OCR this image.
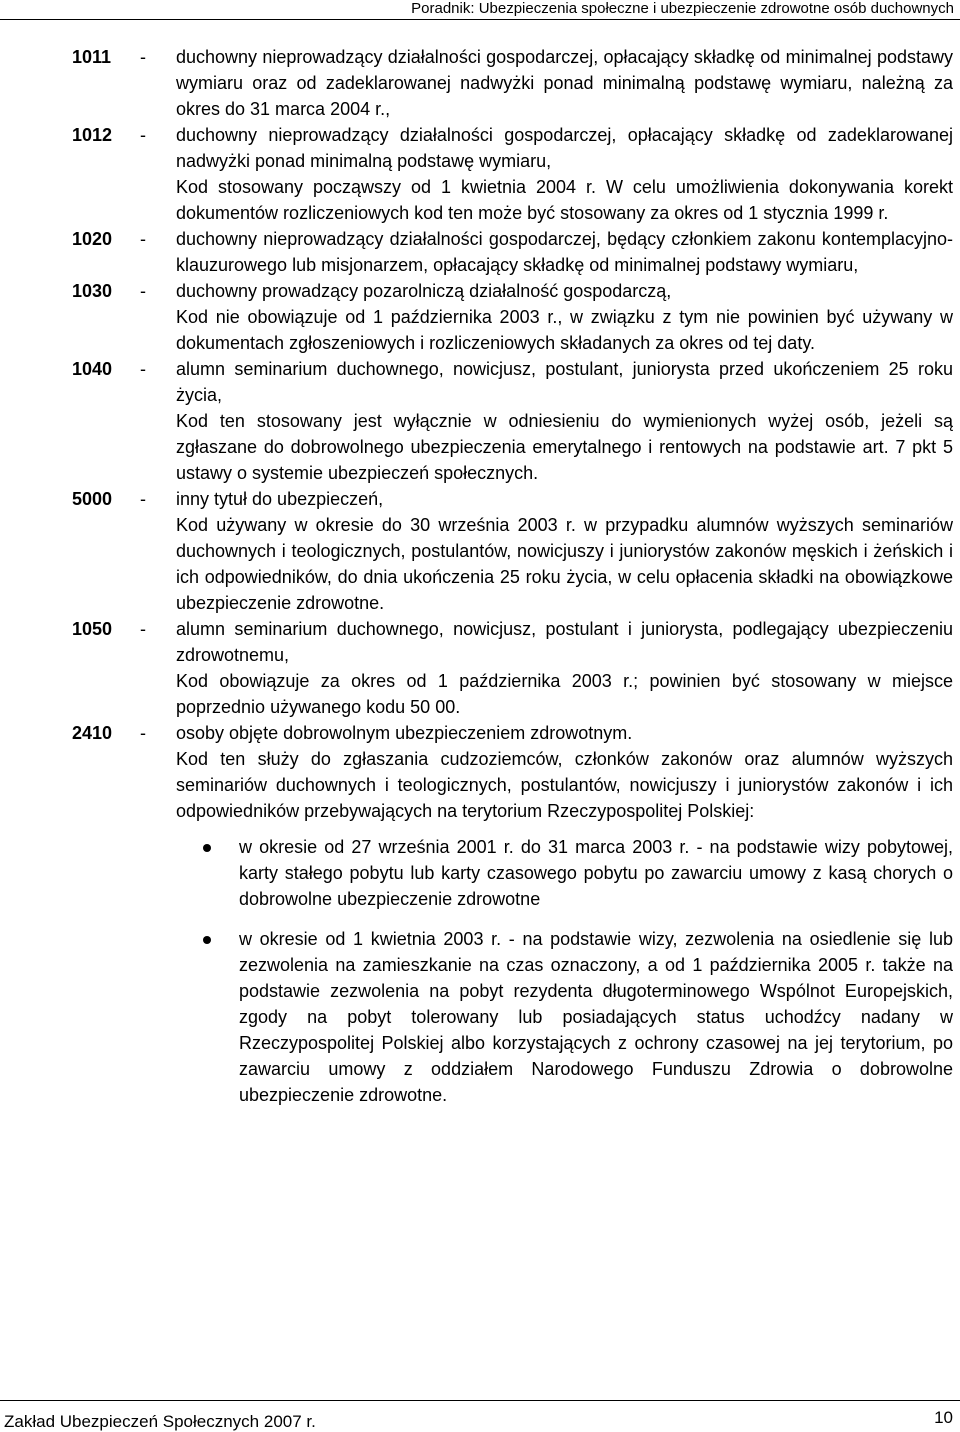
Poradnik: Ubezpieczenia społeczne i ubezpieczenie zdrowotne osób duchownych
1011 - duchowny nieprowadzący działalności gospodarczej, opłacający składkę od minimalnej podstawy wymiaru oraz od zadeklarowanej nadwyżki ponad minimalną podstawę wymiaru, należną za okres do 31 marca 2004 r.,

1012 - duchowny nieprowadzący działalności gospodarczej, opłacający składkę od zadeklarowanej nadwyżki ponad minimalną podstawę wymiaru,

Kod stosowany począwszy od 1 kwietnia 2004 r. W celu umożliwienia dokonywania korekt dokumentów rozliczeniowych kod ten może być stosowany za okres od 1 stycznia 1999 r.

1020 - duchowny nieprowadzący działalności gospodarczej, będący członkiem zakonu kontemplacyjno-klauzurowego lub misjonarzem, opłacający składkę od minimalnej podstawy wymiaru,

1030 - duchowny prowadzący pozarolniczą działalność gospodarczą,

Kod nie obowiązuje od 1 października 2003 r., w związku z tym nie powinien być używany w dokumentach zgłoszeniowych i rozliczeniowych składanych za okres od tej daty.

1040 - alumn seminarium duchownego, nowicjusz, postulant, juniorysta przed ukończeniem 25 roku życia,

Kod ten stosowany jest wyłącznie w odniesieniu do wymienionych wyżej osób, jeżeli są zgłaszane do dobrowolnego ubezpieczenia emerytalnego i rentowych na podstawie art. 7 pkt 5 ustawy o systemie ubezpieczeń społecznych.

5000 - inny tytuł do ubezpieczeń,

Kod używany w okresie do 30 września 2003 r. w przypadku alumnów wyższych seminariów duchownych i teologicznych, postulantów, nowicjuszy i juniorystów zakonów męskich i żeńskich i ich odpowiedników, do dnia ukończenia 25 roku życia, w celu opłacenia składki na obowiązkowe ubezpieczenie zdrowotne.

1050 - alumn seminarium duchownego, nowicjusz, postulant i juniorysta, podlegający ubezpieczeniu zdrowotnemu,

Kod obowiązuje za okres od 1 października 2003 r.; powinien być stosowany w miejsce poprzednio używanego kodu 50 00.

2410 - osoby objęte dobrowolnym ubezpieczeniem zdrowotnym.

Kod ten służy do zgłaszania cudzoziemców, członków zakonów oraz alumnów wyższych seminariów duchownych i teologicznych, postulantów, nowicjuszy i juniorystów zakonów i ich odpowiedników przebywających na terytorium Rzeczypospolitej Polskiej:

w okresie od 27 września 2001 r. do 31 marca 2003 r. - na podstawie wizy pobytowej, karty stałego pobytu lub karty czasowego pobytu po zawarciu umowy z kasą chorych o dobrowolne ubezpieczenie zdrowotne

w okresie od 1 kwietnia 2003 r. - na podstawie wizy, zezwolenia na osiedlenie się lub zezwolenia na zamieszkanie na czas oznaczony, a od 1 października 2005 r. także na podstawie zezwolenia na pobyt rezydenta długoterminowego Wspólnot Europejskich, zgody na pobyt tolerowany lub posiadających status uchodźcy nadany w Rzeczypospolitej Polskiej albo korzystających z ochrony czasowej na jej terytorium, po zawarciu umowy z oddziałem Narodowego Funduszu Zdrowia o dobrowolne ubezpieczenie zdrowotne.

Zakład Ubezpieczeń Społecznych 2007 r.	10
